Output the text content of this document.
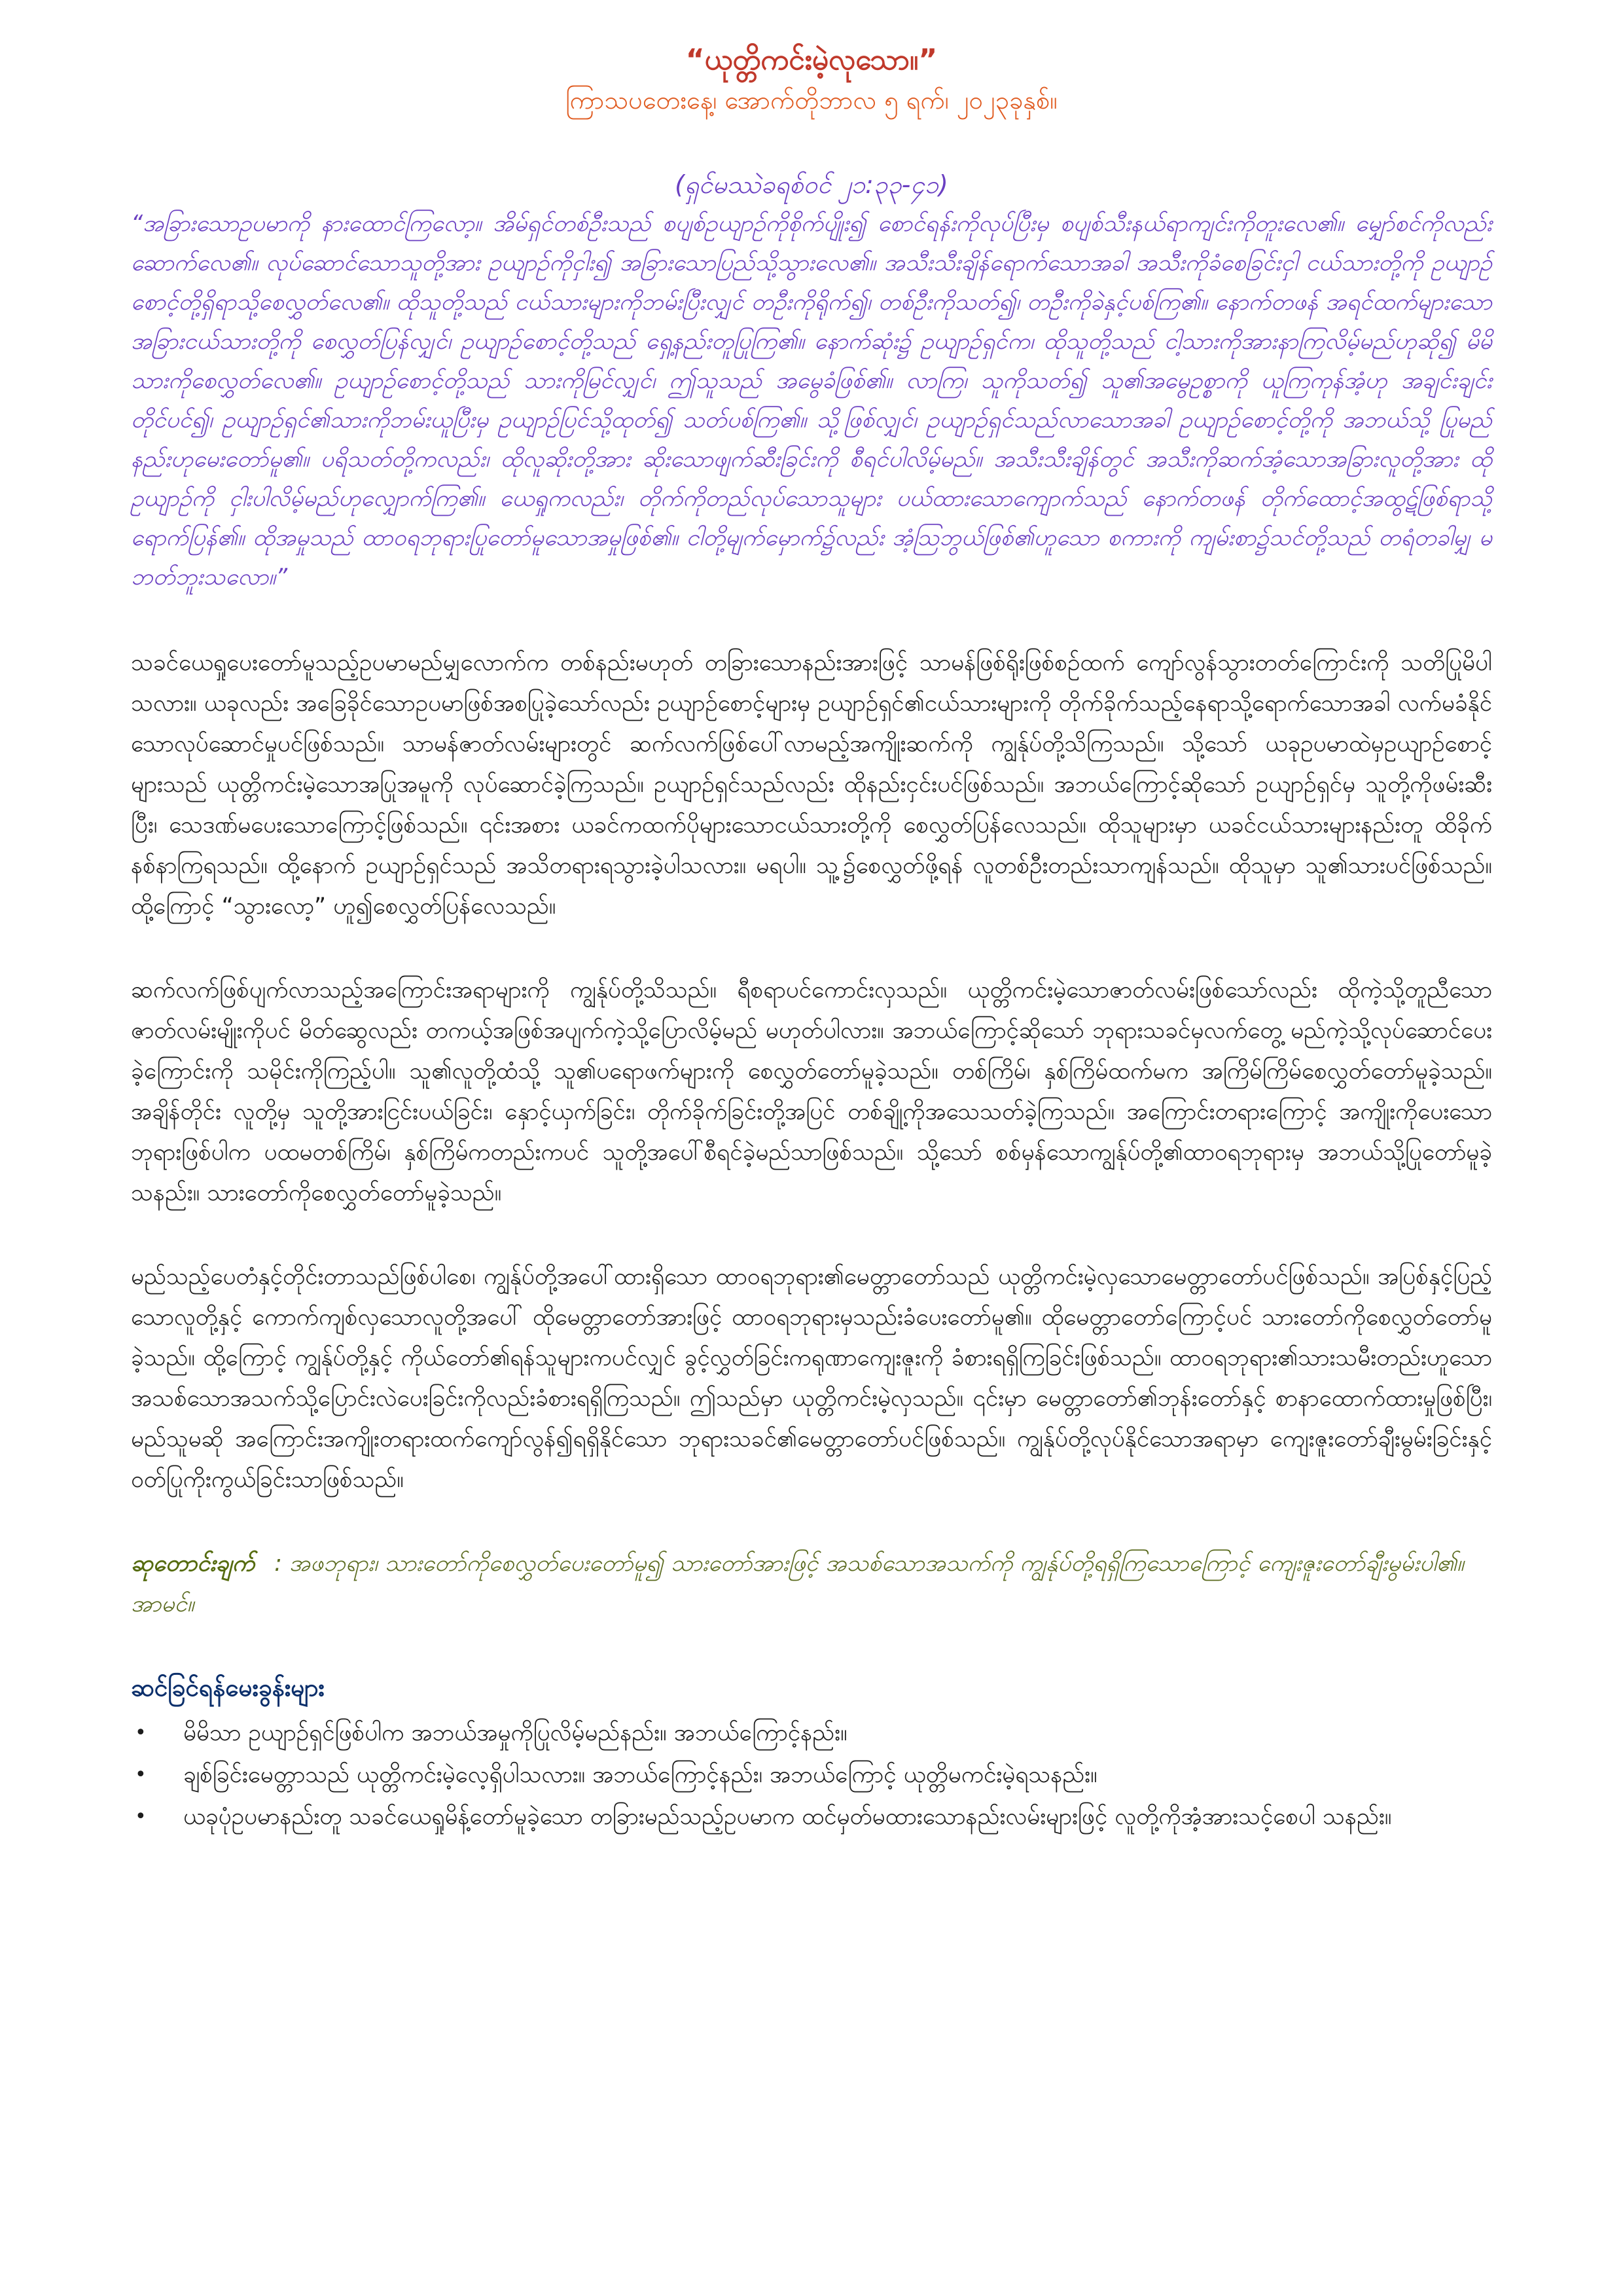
“ယုတ္တိကင်းမဲ့လုသော။”

ကြာသပတေးနေ့၊ အောက်တိုဘာလ ၅ ရက်၊ ၂၀၂၃ခုနှစ်။

(ရှင်မဿဲခရစ်ဝင် ၂၁:၃၃-၄၁)

“အခြားသောဥပမာကို နားထောင်ကြလော့။ အိမ်ရှင်တစ်ဦးသည် စပျစ်ဥယျာဉ်ကိုစိုက်ပျိုး၍ စောင်ရန်းကိုလုပ်ပြီးမှ စပျစ်သီးနယ်ရာကျင်းကိုတူးလေ၏။ မျှော်စင်ကိုလည်း ဆောက်လေ၏။ လုပ်ဆောင်သောသူတို့အား ဥယျာဉ်ကိုငှါး၍ အခြားသောပြည်သို့သွားလေ၏။ အသီးသီးချိန်ရောက်သောအခါ အသီးကိုခံစေခြင်းငှါ ငယ်သားတို့ကို ဥယျာဉ်စောင့်တို့ရှိရာသို့စေလွှတ်လေ၏။ ထိုသူတို့သည် ငယ်သားများကိုဘမ်းပြီးလျှင် တဦးကိုရိုက်၍၊ တစ်ဦးကိုသတ်၍၊ တဦးကိုခဲနှင့်ပစ်ကြ၏။ နောက်တဖန် အရင်ထက်များသောအခြားငယ်သားတို့ကို စေလွှတ်ပြန်လျှင်၊ ဥယျာဉ်စောင့်တို့သည် ရှေ့နည်းတူပြုကြ၏။ နောက်ဆုံး၌ ဥယျာဉ်ရှင်က၊ ထိုသူတို့သည် ငါ့သားကိုအားနာကြလိမ့်မည်ဟုဆို၍ မိမိသားကိုစေလွှတ်လေ၏။ ဥယျာဉ်စောင့်တို့သည် သားကိုမြင်လျှင်၊ ဤသူသည် အမွေခံဖြစ်၏။ လာကြ၊ သူကိုသတ်၍ သူ၏အမွေဥစ္စာကို ယူကြကုန်အံ့ဟု အချင်းချင်းတိုင်ပင်၍၊ ဥယျာဉ်ရှင်၏သားကိုဘမ်းယူပြီးမှ ဥယျာဉ်ပြင်သို့ထုတ်၍ သတ်ပစ်ကြ၏။ သို့ဖြစ်လျှင်၊ ဥယျာဉ်ရှင်သည်လာသောအခါ ဥယျာဉ်စောင့်တို့ကို အဘယ်သို့ ပြုမည်နည်းဟုမေးတော်မူ၏။ ပရိသတ်တို့ကလည်း၊ ထိုလူဆိုးတို့အား ဆိုးသောဖျက်ဆီးခြင်းကို စီရင်ပါလိမ့်မည်။ အသီးသီးချိန်တွင် အသီးကိုဆက်အံ့သောအခြားလူတို့အား ထိုဥယျာဉ်ကို ငှါးပါလိမ့်မည်ဟုလျှောက်ကြ၏။ ယေရှုကလည်း၊ တိုက်ကိုတည်လုပ်သောသူများ ပယ်ထားသောကျောက်သည် နောက်တဖန် တိုက်ထောင့်အထွဋ်ဖြစ်ရာသို့ ရောက်ပြန်၏။ ထိုအမှုသည် ထာဝရဘုရားပြုတော်မူသောအမှုဖြစ်၏။ ငါတို့မျက်မှောက်၌လည်း အံ့ဩဘွယ်ဖြစ်၏ဟူသော စကားကို ကျမ်းစာ၌သင်တို့သည် တရံတခါမျှ မဘတ်ဘူးသလော။”

သခင်ယေရှုပေးတော်မူသည့်ဥပမာမည်မျှလောက်က တစ်နည်းမဟုတ် တခြားသောနည်းအားဖြင့် သာမန်ဖြစ်ရိုးဖြစ်စဉ်ထက် ကျော်လွန်သွားတတ်ကြောင်းကို သတိပြုမိပါသလား။ ယခုလည်း အခြေခိုင်သောဥပမာဖြစ်အစပြုခဲ့သော်လည်း ဥယျာဉ်စောင့်များမှ ဥယျာဉ်ရှင်၏ငယ်သားများကို တိုက်ခိုက်သည့်နေရာသို့ရောက်သောအခါ လက်မခံနိုင်သောလုပ်ဆောင်မှုပင်ဖြစ်သည်။ သာမန်ဇာတ်လမ်းများတွင် ဆက်လက်ဖြစ်ပေါ်လာမည့်အကျိုးဆက်ကို ကျွန်ုပ်တို့သိကြသည်။ သို့သော် ယခုဥပမာထဲမှဥယျာဉ်စောင့်များသည် ယုတ္တိကင်းမဲ့သောအပြုအမူကို လုပ်ဆောင်ခဲ့ကြသည်။ ဥယျာဉ်ရှင်သည်လည်း ထိုနည်းငှင်းပင်ဖြစ်သည်။ အဘယ်ကြောင့်ဆိုသော် ဥယျာဉ်ရှင်မှ သူတို့ကိုဖမ်းဆီးပြီး၊ သေဒဏ်မပေးသောကြောင့်ဖြစ်သည်။ ၎င်းအစား ယခင်ကထက်ပိုများသောငယ်သားတို့ကို စေလွှတ်ပြန်လေသည်။ ထိုသူများမှာ ယခင်ငယ်သားများနည်းတူ ထိခိုက်နစ်နာကြရသည်။ ထို့နောက် ဥယျာဉ်ရှင်သည် အသိတရားရသွားခဲ့ပါသလား။ မရပါ။ သူ့၌စေလွှတ်ဖို့ရန် လူတစ်ဦးတည်းသာကျန်သည်။ ထိုသူမှာ သူ၏သားပင်ဖြစ်သည်။ ထို့ကြောင့် “သွားလော့” ဟူ၍စေလွှတ်ပြန်လေသည်။

ဆက်လက်ဖြစ်ပျက်လာသည့်အကြောင်းအရာများကို ကျွန်ုပ်တို့သိသည်။ ရီစရာပင်ကောင်းလှသည်။ ယုတ္တိကင်းမဲ့သောဇာတ်လမ်းဖြစ်သော်လည်း ထိုကဲ့သို့တူညီသော ဇာတ်လမ်းမျိုးကိုပင် မိတ်ဆွေလည်း တကယ့်အဖြစ်အပျက်ကဲ့သို့ပြောလိမ့်မည် မဟုတ်ပါလား။ အဘယ်ကြောင့်ဆိုသော် ဘုရားသခင်မှလက်တွေ့ မည်ကဲ့သို့လုပ်ဆောင်ပေးခဲ့ကြောင်းကို သမိုင်းကိုကြည့်ပါ။ သူ၏လူတို့ထံသို့ သူ၏ပရောဖက်များကို စေလွှတ်တော်မူခဲ့သည်။ တစ်ကြိမ်၊ နှစ်ကြိမ်ထက်မက အကြိမ်ကြိမ်စေလွှတ်တော်မူခဲ့သည်။ အချိန်တိုင်း လူတို့မှ သူတို့အားငြင်းပယ်ခြင်း၊ နှောင့်ယှက်ခြင်း၊ တိုက်ခိုက်ခြင်းတို့အပြင် တစ်ချို့ကိုအသေသတ်ခဲ့ကြသည်။ အကြောင်းတရားကြောင့် အကျိုးကိုပေးသောဘုရားဖြစ်ပါက ပထမတစ်ကြိမ်၊ နှစ်ကြိမ်ကတည်းကပင် သူတို့အပေါ်စီရင်ခဲ့မည်သာဖြစ်သည်။ သို့သော် စစ်မှန်သောကျွန်ုပ်တို့၏ထာဝရဘုရားမှ အဘယ်သို့ပြုတော်မူခဲ့သနည်း။ သားတော်ကိုစေလွှတ်တော်မူခဲ့သည်။

မည်သည့်ပေတံနှင့်တိုင်းတာသည်ဖြစ်ပါစေ၊ ကျွန်ုပ်တို့အပေါ်ထားရှိသော ထာဝရဘုရား၏မေတ္တာတော်သည် ယုတ္တိကင်းမဲ့လှသောမေတ္တာတော်ပင်ဖြစ်သည်။ အပြစ်နှင့်ပြည့်သောလူတို့နှင့် ကောက်ကျစ်လှသောလူတို့အပေါ် ထိုမေတ္တာတော်အားဖြင့် ထာဝရဘုရားမှသည်းခံပေးတော်မူ၏။ ထိုမေတ္တာတော်ကြောင့်ပင် သားတော်ကိုစေလွှတ်တော်မူခဲ့သည်။ ထို့ကြောင့် ကျွန်ုပ်တို့နှင့် ကိုယ်တော်၏ရန်သူများကပင်လျှင် ခွင့်လွှတ်ခြင်းကရုဏာကျေးဇူးကို ခံစားရရှိကြခြင်းဖြစ်သည်။ ထာဝရဘုရား၏သားသမီးတည်းဟူသော အသစ်သောအသက်သို့ပြောင်းလဲပေးခြင်းကိုလည်းခံစားရရှိကြသည်။ ဤသည်မှာ ယုတ္တိကင်းမဲ့လှသည်။ ၎င်းမှာ မေတ္တာတော်၏ဘုန်းတော်နှင့် စာနာထောက်ထားမှုဖြစ်ပြီး၊ မည်သူမဆို အကြောင်းအကျိုးတရားထက်ကျော်လွန်၍ရရှိနိုင်သော ဘုရားသခင်၏မေတ္တာတော်ပင်ဖြစ်သည်။ ကျွန်ုပ်တို့လုပ်နိုင်သောအရာမှာ ကျေးဇူးတော်ချီးမွမ်းခြင်းနှင့် ဝတ်ပြုကိုးကွယ်ခြင်းသာဖြစ်သည်။

ဆုတောင်းချက် : အဖဘုရား၊ သားတော်ကိုစေလွှတ်ပေးတော်မူ၍ သားတော်အားဖြင့် အသစ်သောအသက်ကို ကျွန်ုပ်တို့ရရှိကြသောကြောင့် ကျေးဇူးတော်ချီးမွမ်းပါ၏။ အာမင်။

ဆင်ခြင်ရန်မေးခွန်းများ
• မိမိသာ ဥယျာဉ်ရှင်ဖြစ်ပါက အဘယ်အမှုကိုပြုလိမ့်မည်နည်း။ အဘယ်ကြောင့်နည်း။
• ချစ်ခြင်းမေတ္တာသည် ယုတ္တိကင်းမဲ့လေ့ရှိပါသလား။ အဘယ်ကြောင့်နည်း၊ အဘယ်ကြောင့် ယုတ္တိမကင်းမဲ့ရသနည်း။
• ယခုပုံဥပမာနည်းတူ သခင်ယေရှုမိန့်တော်မူခဲ့သော တခြားမည်သည့်ဥပမာက ထင်မှတ်မထားသောနည်းလမ်းများဖြင့် လူတို့ကိုအံ့အားသင့်စေပါ သနည်း။
